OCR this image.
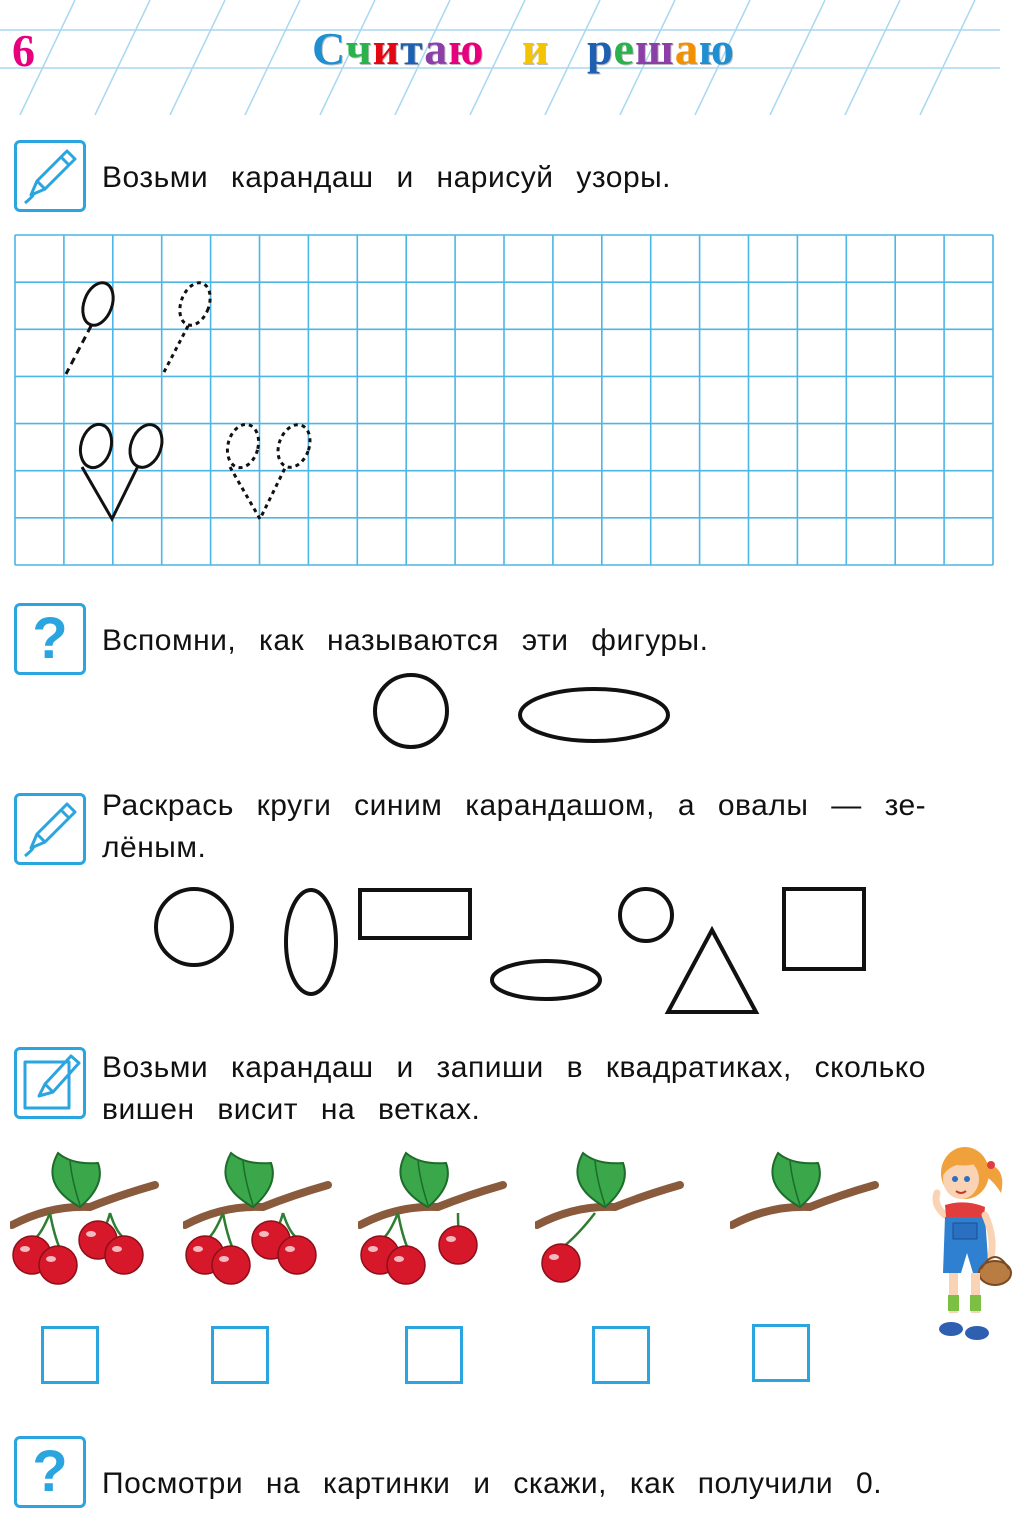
6	Считаю и решаю
Возьми карандаш и нарисуй узоры.
?	Вспомни, как называются эти фигуры.
Раскрась круги синим карандашом, а овалы — зе-
лёным.
Возьми карандаш и запиши в квадратиках, сколько
вишен висит на ветках.
?	Посмотри на картинки и скажи, как получили 0.
